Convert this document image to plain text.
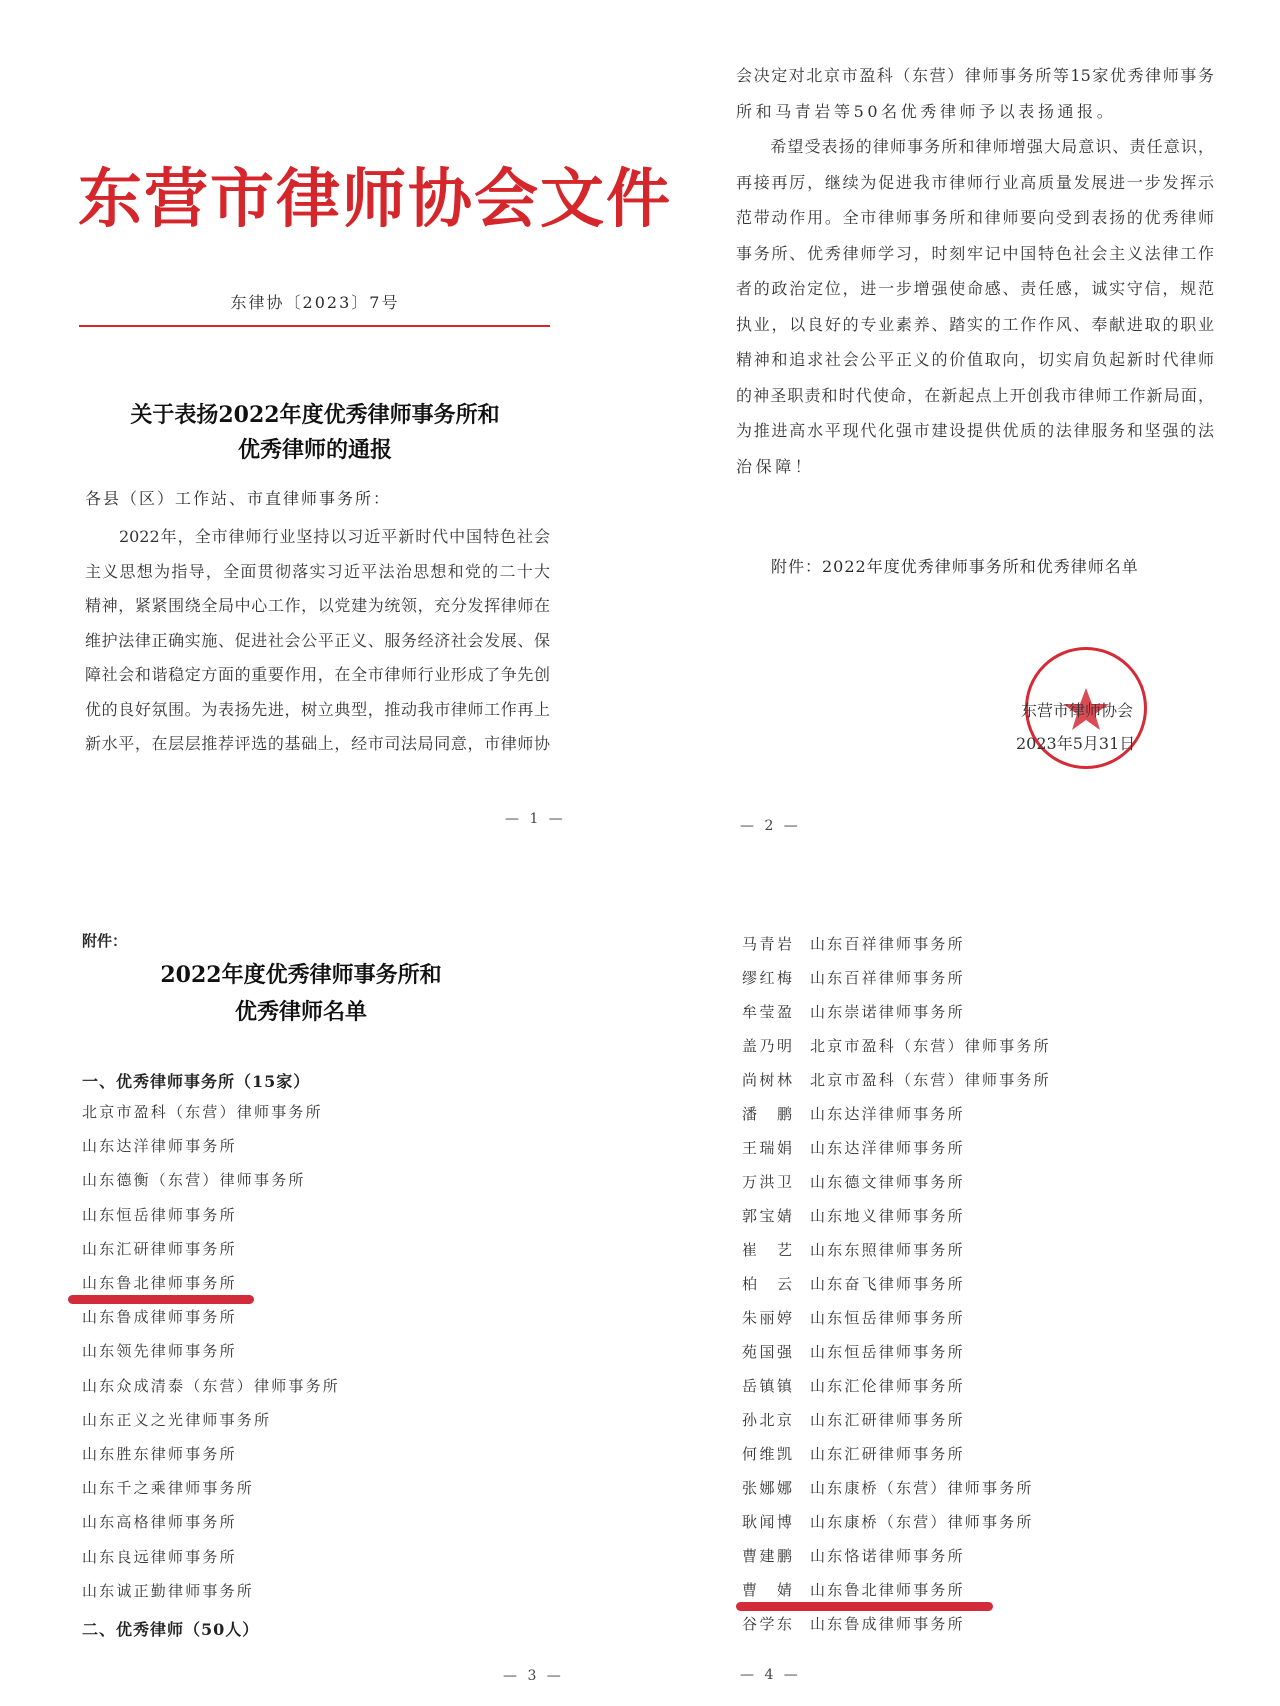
东营市律师协会文件
东律协〔2023〕7号
关于表扬2022年度优秀律师事务所和
优秀律师的通报
各县（区）工作站、市直律师事务所：
　　2022年，全市律师行业坚持以习近平新时代中国特色社会
主义思想为指导，全面贯彻落实习近平法治思想和党的二十大
精神，紧紧围绕全局中心工作，以党建为统领，充分发挥律师在
维护法律正确实施、促进社会公平正义、服务经济社会发展、保
障社会和谐稳定方面的重要作用，在全市律师行业形成了争先创
优的良好氛围。为表扬先进，树立典型，推动我市律师工作再上
新水平，在层层推荐评选的基础上，经市司法局同意，市律师协
— 1 —
会决定对北京市盈科（东营）律师事务所等15家优秀律师事务
所和马青岩等50名优秀律师予以表扬通报。
　　希望受表扬的律师事务所和律师增强大局意识、责任意识，
再接再厉，继续为促进我市律师行业高质量发展进一步发挥示
范带动作用。全市律师事务所和律师要向受到表扬的优秀律师
事务所、优秀律师学习，时刻牢记中国特色社会主义法律工作
者的政治定位，进一步增强使命感、责任感，诚实守信，规范
执业，以良好的专业素养、踏实的工作作风、奉献进取的职业
精神和追求社会公平正义的价值取向，切实肩负起新时代律师
的神圣职责和时代使命，在新起点上开创我市律师工作新局面，
为推进高水平现代化强市建设提供优质的法律服务和坚强的法
治保障！
附件：2022年度优秀律师事务所和优秀律师名单
东营市律师协会
2023年5月31日
— 2 —
附件：
2022年度优秀律师事务所和
优秀律师名单
一、优秀律师事务所（15家）
北京市盈科（东营）律师事务所
山东达洋律师事务所
山东德衡（东营）律师事务所
山东恒岳律师事务所
山东汇研律师事务所
山东鲁北律师事务所
山东鲁成律师事务所
山东领先律师事务所
山东众成清泰（东营）律师事务所
山东正义之光律师事务所
山东胜东律师事务所
山东千之乘律师事务所
山东高格律师事务所
山东良远律师事务所
山东诚正勤律师事务所
二、优秀律师（50人）
— 3 —
马青岩 山东百祥律师事务所
缪红梅 山东百祥律师事务所
牟莹盈 山东崇诺律师事务所
盖乃明 北京市盈科（东营）律师事务所
尚树林 北京市盈科（东营）律师事务所
潘鹏 山东达洋律师事务所
王瑞娟 山东达洋律师事务所
万洪卫 山东德文律师事务所
郭宝婧 山东地义律师事务所
崔艺 山东东照律师事务所
柏云 山东奋飞律师事务所
朱丽婷 山东恒岳律师事务所
苑国强 山东恒岳律师事务所
岳镇镇 山东汇伦律师事务所
孙北京 山东汇研律师事务所
何维凯 山东汇研律师事务所
张娜娜 山东康桥（东营）律师事务所
耿闻博 山东康桥（东营）律师事务所
曹建鹏 山东恪诺律师事务所
曹婧 山东鲁北律师事务所
谷学东 山东鲁成律师事务所
— 4 —
